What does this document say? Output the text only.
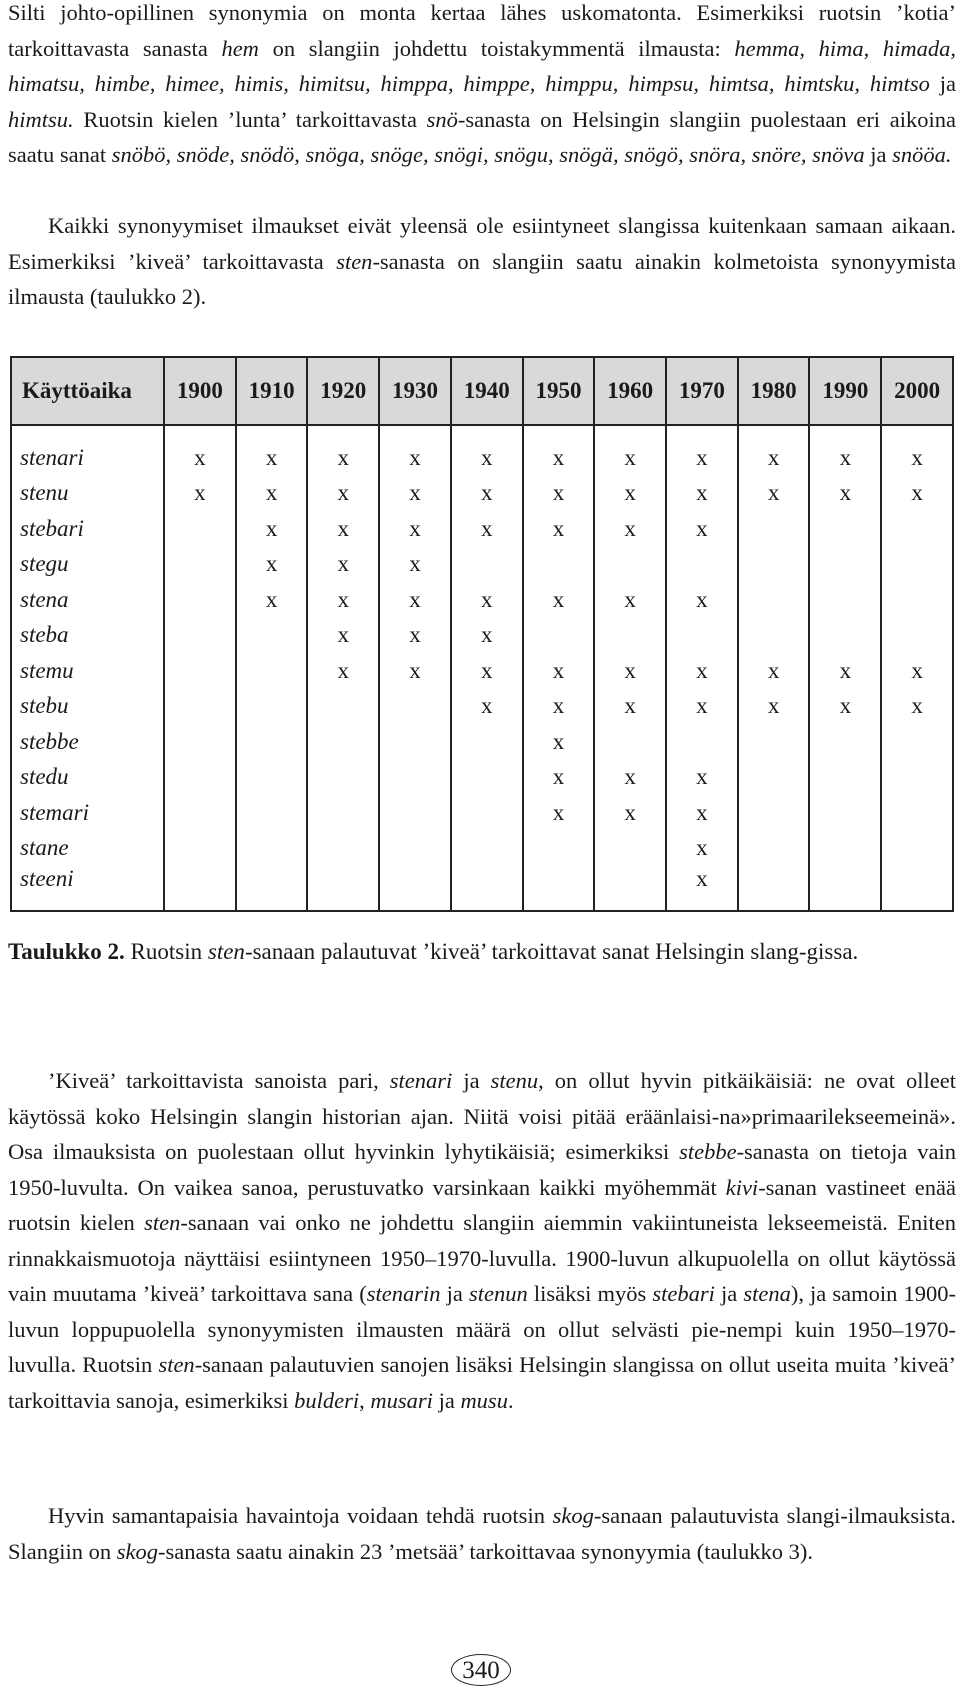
Silti johto-opillinen synonymia on monta kertaa lähes uskomatonta. Esimerkiksi ruotsin ’kotia’ tarkoittavasta sanasta hem on slangiin johdettu toistakymmentä ilmausta: hemma, hima, himada, himatsu, himbe, himee, himis, himitsu, himppa, himppe, himppu, himpsu, himtsa, himtsku, himtso ja himtsu. Ruotsin kielen ’lunta’ tarkoittavasta snö-sanasta on Helsingin slangiin puolestaan eri aikoina saatu sanat snöbö, snöde, snödö, snöga, snöge, snögi, snögu, snögä, snögö, snöra, snöre, snöva ja snööa.

Kaikki synonyymiset ilmaukset eivät yleensä ole esiintyneet slangissa kuitenkaan samaan aikaan. Esimerkiksi ’kiveä’ tarkoittavasta sten-sanasta on slangiin saatu ainakin kolmetoista synonyymista ilmausta (taulukko 2).

Käyttöaika	1900	1910	1920	1930	1940	1950	1960	1970	1980	1990	2000

stenari	x	x	x	x	x	x	x	x	x	x	x
stenu	x	x	x	x	x	x	x	x	x	x	x
stebari		x	x	x	x	x	x	x			
stegu		x	x	x							
stena		x	x	x	x	x	x	x			
steba			x	x	x						
stemu			x	x	x	x	x	x	x	x	x
stebu					x	x	x	x	x	x	x
stebbe						x					
stedu						x	x	x			
stemari						x	x	x			
stane								x			
steeni								x			

Taulukko 2. Ruotsin sten-sanaan palautuvat ’kiveä’ tarkoittavat sanat Helsingin slang-gissa.

’Kiveä’ tarkoittavista sanoista pari, stenari ja stenu, on ollut hyvin pitkäikäisiä: ne ovat olleet käytössä koko Helsingin slangin historian ajan. Niitä voisi pitää eräänlaisi-na»primaarilekseemeinä». Osa ilmauksista on puolestaan ollut hyvinkin lyhytikäisiä; esimerkiksi stebbe-sanasta on tietoja vain 1950-luvulta. On vaikea sanoa, perustuvatko varsinkaan kaikki myöhemmät kivi-sanan vastineet enää ruotsin kielen sten-sanaan vai onko ne johdettu slangiin aiemmin vakiintuneista lekseemeistä. Eniten rinnakkaismuotoja näyttäisi esiintyneen 1950–1970-luvulla. 1900-luvun alkupuolella on ollut käytössä vain muutama ’kiveä’ tarkoittava sana (stenarin ja stenun lisäksi myös stebari ja stena), ja samoin 1900-luvun loppupuolella synonyymisten ilmausten määrä on ollut selvästi pie-nempi kuin 1950–1970-luvulla. Ruotsin sten-sanaan palautuvien sanojen lisäksi Helsingin slangissa on ollut useita muita ’kiveä’ tarkoittavia sanoja, esimerkiksi bulderi, musari ja musu.

Hyvin samantapaisia havaintoja voidaan tehdä ruotsin skog-sanaan palautuvista slangi-ilmauksista. Slangiin on skog-sanasta saatu ainakin 23 ’metsää’ tarkoittavaa synonyymia (taulukko 3).

340
